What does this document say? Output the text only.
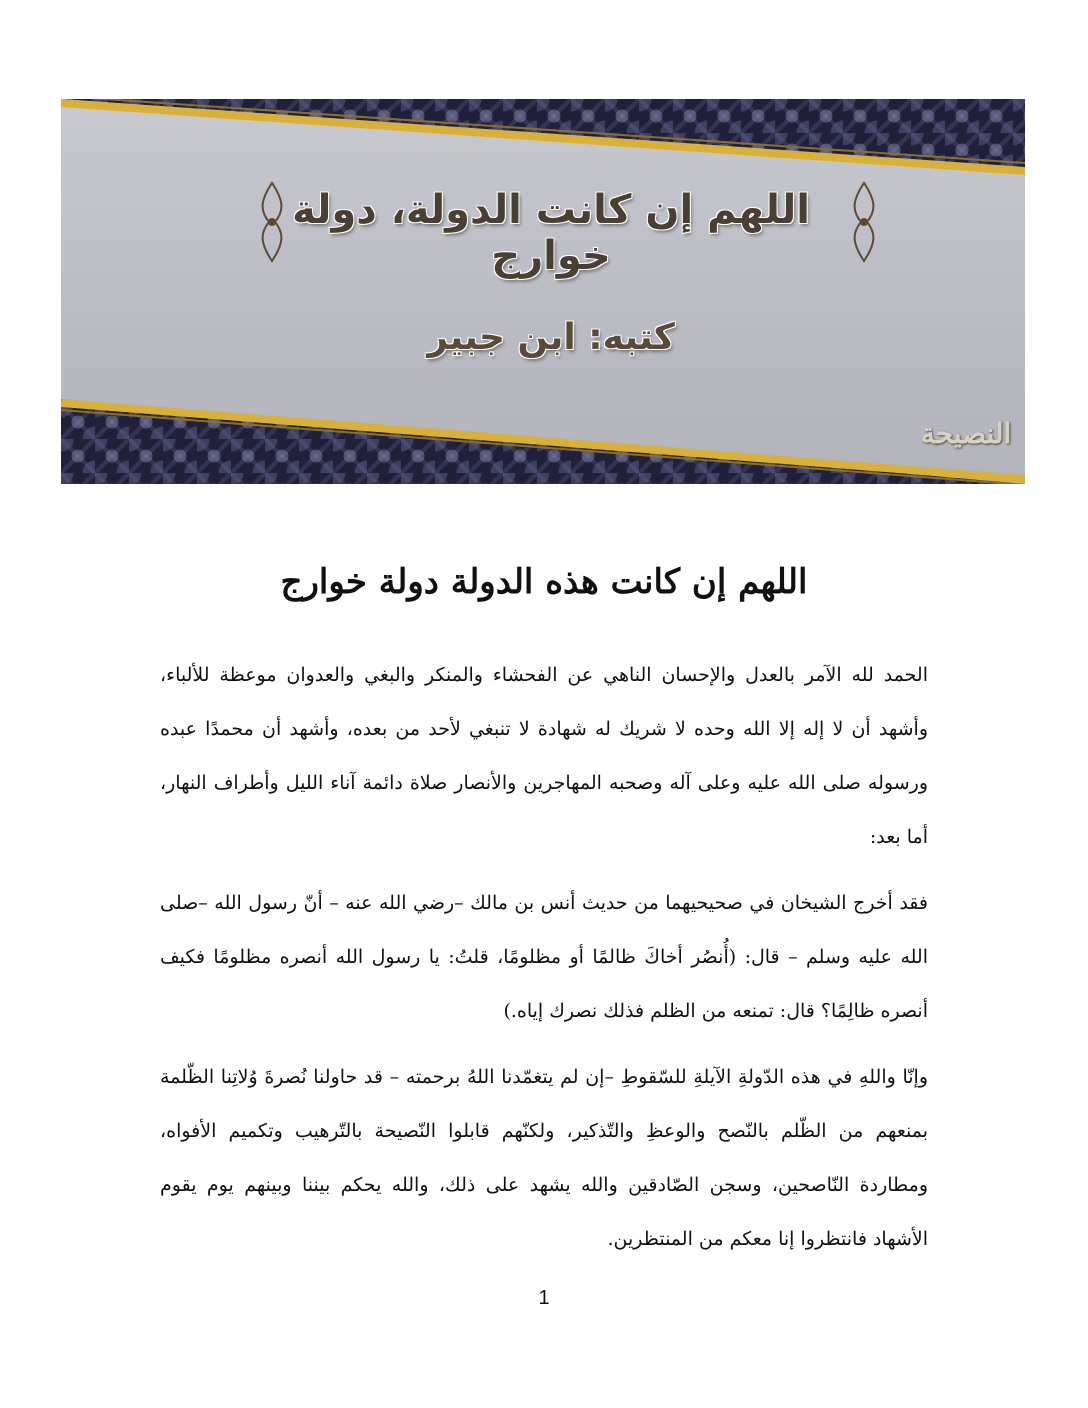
اللهم إن كانت الدولة، دولة خوارج
كتبه: ابن جبير
النصيحة
اللهم إن كانت هذه الدولة دولة خوارج

الحمد لله الآمر بالعدل والإحسان الناهي عن الفحشاء والمنكر والبغي والعدوان موعظة للألباء، وأشهد أن لا إله إلا الله وحده لا شريك له شهادة لا تنبغي لأحد من بعده، وأشهد أن محمدًا عبده ورسوله صلى الله عليه وعلى آله وصحبه المهاجرين والأنصار صلاة دائمة آناء الليل وأطراف النهار، أما بعد:

فقد أخرج الشيخان في صحيحيهما من حديث أنس بن مالك –رضي الله عنه – أنّ رسول الله –صلى الله عليه وسلم – قال: (أُنصُر أخاكَ ظالمًا أو مظلومًا، قلتُ: يا رسول الله أنصره مظلومًا فكيف أنصره ظالِمًا؟ قال: تمنعه من الظلم فذلك نصرك إياه.)

وإنّا واللهِ في هذه الدّولةِ الآيلةِ للسّقوطِ –إن لم يتغمّدنا اللهُ برحمته – قد حاولنا نُصرةَ وُلاتِنا الظّلمة بمنعهم من الظّلم بالنّصح والوعظِ والتّذكير، ولكنّهم قابلوا النّصيحة بالتّرهيب وتكميم الأفواه، ومطاردة النّاصحين، وسجن الصّادقين والله يشهد على ذلك، والله يحكم بيننا وبينهم يوم يقوم الأشهاد فانتظروا إنا معكم من المنتظرين.

1
